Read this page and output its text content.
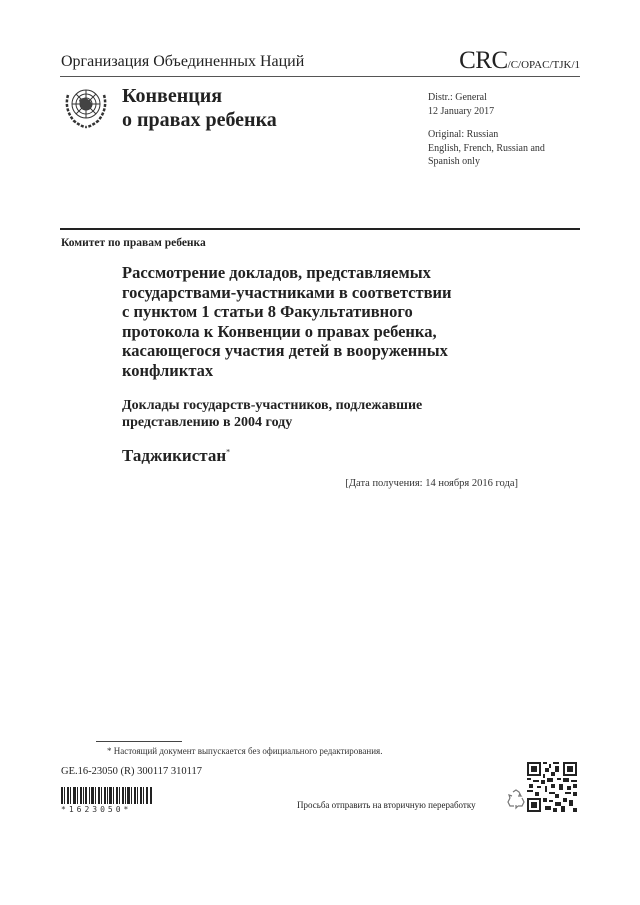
Организация Объединенных Наций	CRC/C/OPAC/TJK/1
Конвенция
о правах ребенка
Distr.: General
12 January 2017
Original: Russian
English, French, Russian and
Spanish only
Комитет по правам ребенка
Рассмотрение докладов, представляемых
государствами-участниками в соответствии
с пунктом 1 статьи 8 Факультативного
протокола к Конвенции о правах ребенка,
касающегося участия детей в вооруженных
конфликтах
Доклады государств-участников, подлежавшие
представлению в 2004 году
Таджикистан*
[Дата получения: 14 ноября 2016 года]
* Настоящий документ выпускается без официального редактирования.
GE.16-23050 (R) 300117 310117
*1623050*	Просьба отправить на вторичную переработку
